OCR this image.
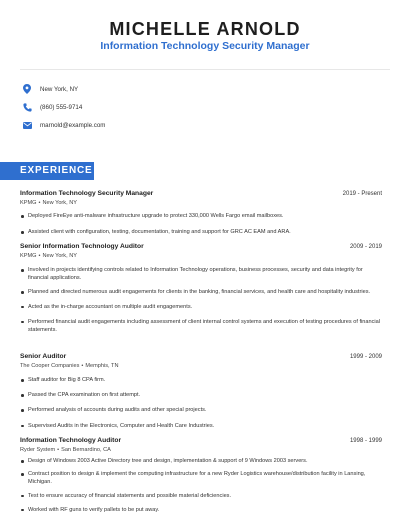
MICHELLE ARNOLD
Information Technology Security Manager
New York, NY
(860) 555-9714
marnold@example.com
EXPERIENCE
Information Technology Security Manager	2019 - Present
KPMG • New York, NY
Deployed FireEye anti-malware infrastructure upgrade to protect 330,000 Wells Fargo email mailboxes.
Assisted client with configuration, testing, documentation, training and support for GRC AC EAM and ARA.
Senior Information Technology Auditor	2009 - 2019
KPMG • New York, NY
Involved in projects identifying controls related to Information Technology operations, business processes, security and data integrity for financial applications.
Planned and directed numerous audit engagements for clients in the banking, financial services, and health care and hospitality industries.
Acted as the in-charge accountant on multiple audit engagements.
Performed financial audit engagements including assessment of client internal control systems and execution of testing procedures of financial statements.
Senior Auditor	1999 - 2009
The Cooper Companies • Memphis, TN
Staff auditor for Big 8 CPA firm.
Passed the CPA examination on first attempt.
Performed analysis of accounts during audits and other special projects.
Supervised Audits in the Electronics, Computer and Health Care Industries.
Information Technology Auditor	1998 - 1999
Ryder System • San Bernardino, CA
Design of Windows 2003 Active Directory tree and design, implementation & support of 9 Windows 2003 servers.
Contract position to design & implement the computing infrastructure for a new Ryder Logistics warehouse/distribution facility in Lansing, Michigan.
Test to ensure accuracy of financial statements and possible material deficiencies.
Worked with RF guns to verify pallets to be put away.
